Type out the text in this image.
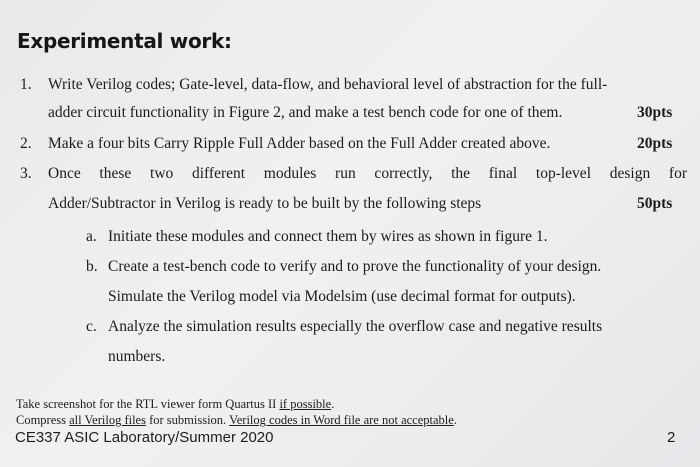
Experimental work:
1. Write Verilog codes; Gate-level, data-flow, and behavioral level of abstraction for the full-
adder circuit functionality in Figure 2, and make a test bench code for one of them.	30pts
2. Make a four bits Carry Ripple Full Adder based on the Full Adder created above.	20pts
3. Once these two different modules run correctly, the final top-level design for
Adder/Subtractor in Verilog is ready to be built by the following steps	50pts
a. Initiate these modules and connect them by wires as shown in figure 1.
b. Create a test-bench code to verify and to prove the functionality of your design.
Simulate the Verilog model via Modelsim (use decimal format for outputs).
c. Analyze the simulation results especially the overflow case and negative results
numbers.
Take screenshot for the RTL viewer form Quartus II if possible.
Compress all Verilog files for submission. Verilog codes in Word file are not acceptable.
CE337 ASIC Laboratory/Summer 2020	2
